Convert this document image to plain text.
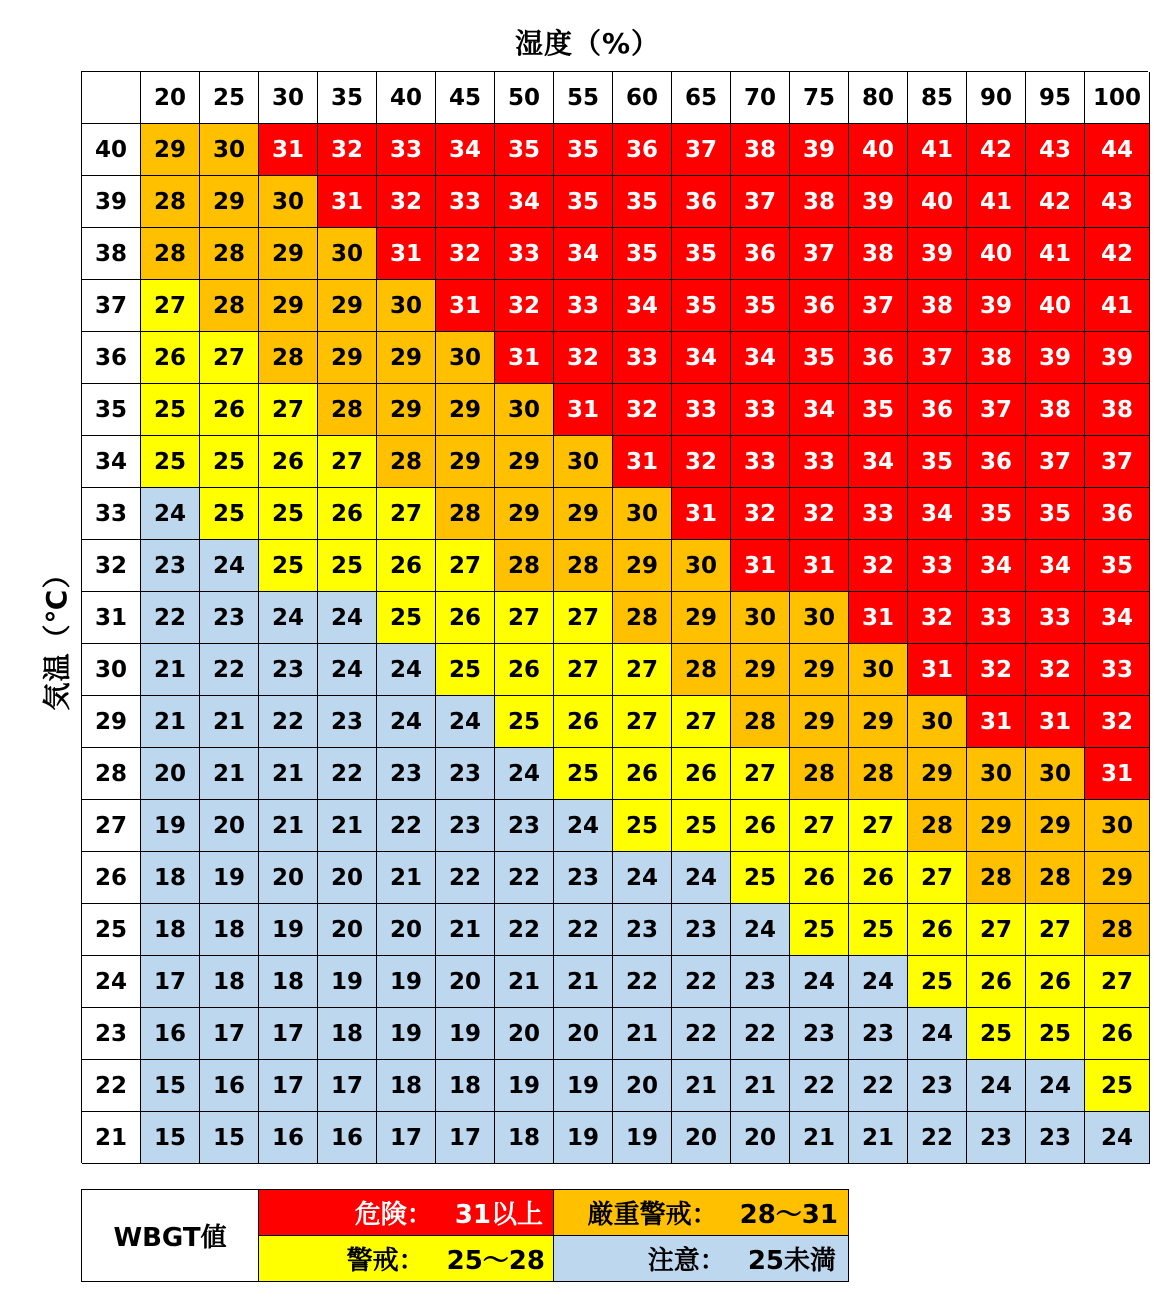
湿度（%）
気温（℃）
20	25	30	35	40	45	50	55	60	65	70	75	80	85	90	95 100
40	29	30	31	32	33	34	35	35	36	37	38	39	40	41	42	43	44
39	28	29	30	31	32	33	34	35	35	36	37	38	39	40	41	42	43
38	28	28	29	30	31	32	33	34	35	35	36	37	38	39	40	41	42
37	27	28	29	29	30	31	32	33	34	35	35	36	37	38	39	40	41
36	26	27	28	29	29	30	31	32	33	34	34	35	36	37	38	39	39
35	25	26	27	28	29	29	30	31	32	33	33	34	35	36	37	38	38
34	25	25	26	27	28	29	29	30	31	32	33	33	34	35	36	37	37
33	24	25	25	26	27	28	29	29	30	31	32	32	33	34	35	35	36
32	23	24	25	25	26	27	28	28	29	30	31	31	32	33	34	34	35
31	22	23	24	24	25	26	27	27	28	29	30	30	31	32	33	33	34
30	21	22	23	24	24	25	26	27	27	28	29	29	30	31	32	32	33
29	21	21	22	23	24	24	25	26	27	27	28	29	29	30	31	31	32
28	20	21	21	22	23	23	24	25	26	26	27	28	28	29	30	30	31
27	19	20	21	21	22	23	23	24	25	25	26	27	27	28	29	29	30
26	18	19	20	20	21	22	22	23	24	24	25	26	26	27	28	28	29
25	18	18	19	20	20	21	22	22	23	23	24	25	25	26	27	27	28
24	17	18	18	19	19	20	21	21	22	22	23	24	24	25	26	26	27
23	16	17	17	18	19	19	20	20	21	22	22	23	23	24	25	25	26
22	15	16	17	17	18	18	19	19	20	21	21	22	22	23	24	24	25
21	15	15	16	16	17	17	18	19	19	20	20	21	21	22	23	23	24
WBGT値
危険： 31以上 厳重警戒： 28〜31
警戒： 25〜28	注意： 25未満
